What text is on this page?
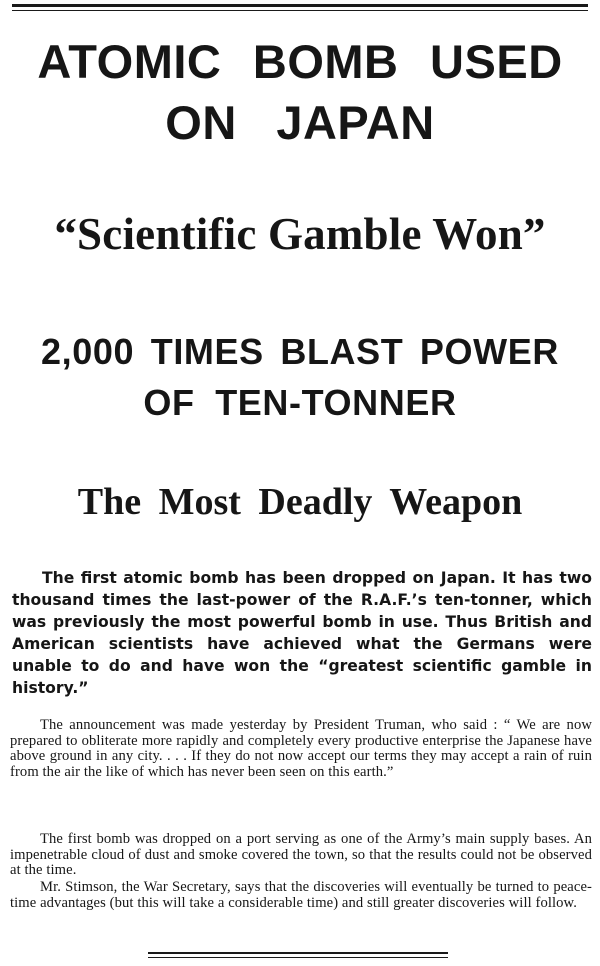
ATOMIC BOMB USED
ON JAPAN
“Scientific Gamble Won”
2,000 TIMES BLAST POWER
OF TEN-TONNER
The Most Deadly Weapon

The first atomic bomb has been dropped on Japan. It has two thousand times the last-power of the R.A.F.’s ten-tonner, which was previously the most powerful bomb in use. Thus British and American scientists have achieved what the Germans were unable to do and have won the “greatest scientific gamble in history.”

The announcement was made yesterday by President Truman, who said : “ We are now prepared to obliterate more rapidly and completely every productive enterprise the Japanese have above ground in any city. . . . If they do not now accept our terms they may accept a rain of ruin from the air the like of which has never been seen on this earth.”

The first bomb was dropped on a port serving as one of the Army’s main supply bases. An impenetrable cloud of dust and smoke covered the town, so that the results could not be observed at the time.

Mr. Stimson, the War Secretary, says that the discoveries will eventually be turned to peace-time advantages (but this will take a considerable time) and still greater discoveries will follow.
